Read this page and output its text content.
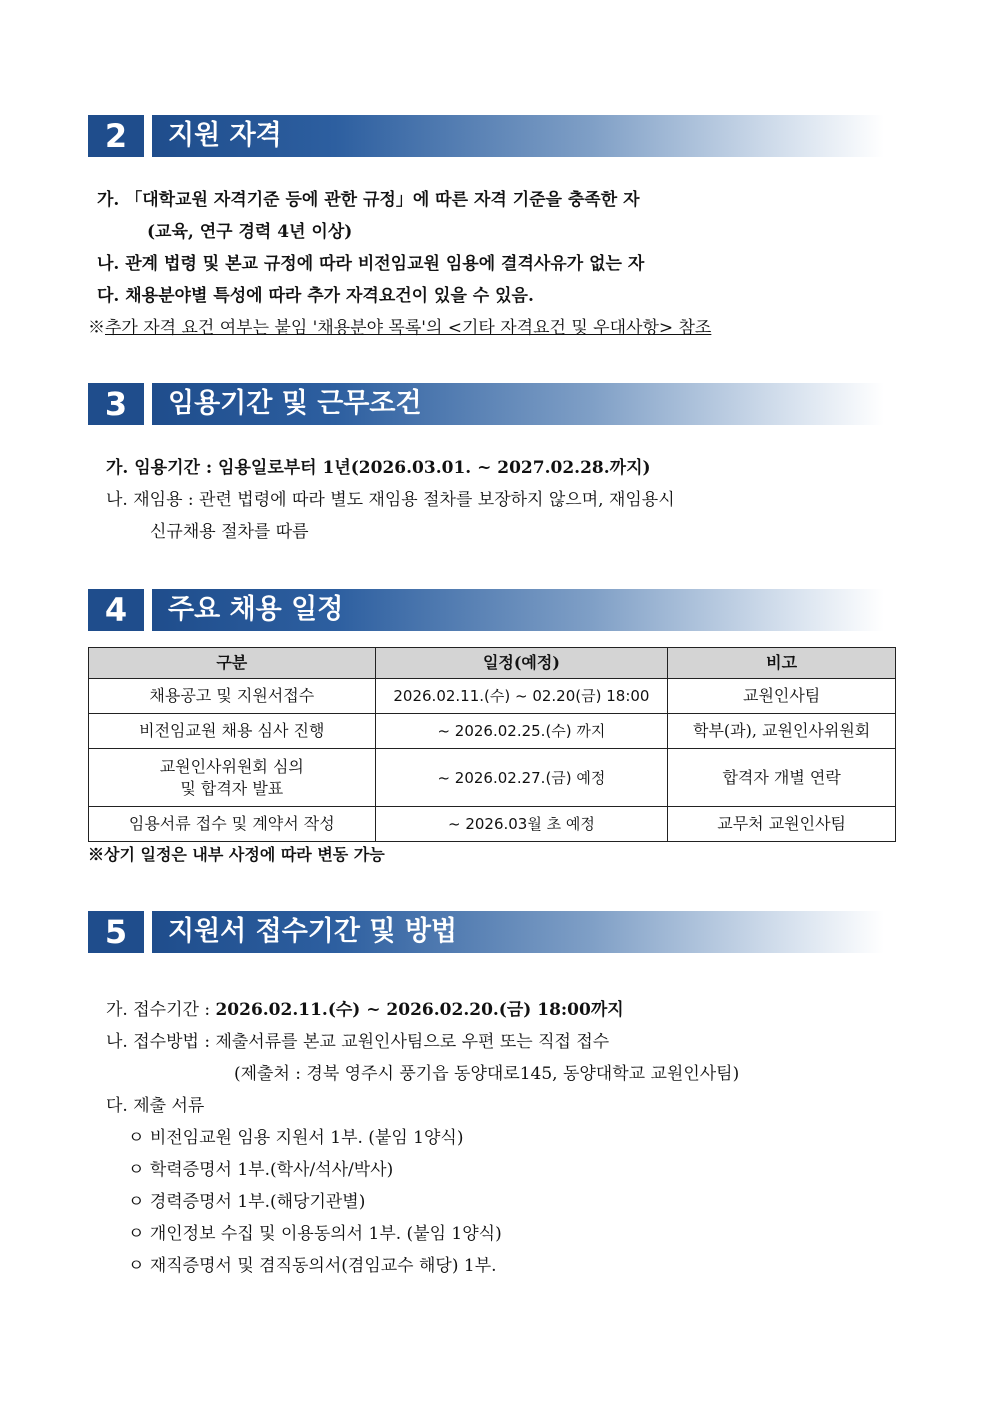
2	지원 자격
가. 「대학교원 자격기준 등에 관한 규정」에 따른 자격 기준을 충족한 자
(교육, 연구 경력 4년 이상)
나. 관계 법령 및 본교 규정에 따라 비전임교원 임용에 결격사유가 없는 자
다. 채용분야별 특성에 따라 추가 자격요건이 있을 수 있음.
※추가 자격 요건 여부는 붙임 '채용분야 목록'의 <기타 자격요건 및 우대사항> 참조
3	임용기간 및 근무조건
가. 임용기간 : 임용일로부터 1년(2026.03.01. ~ 2027.02.28.까지)
나. 재임용 : 관련 법령에 따라 별도 재임용 절차를 보장하지 않으며, 재임용시
신규채용 절차를 따름
4	주요 채용 일정
구분	일정(예정)	비고
채용공고 및 지원서접수	2026.02.11.(수) ~ 02.20(금) 18:00	교원인사팀
비전임교원 채용 심사 진행	~ 2026.02.25.(수) 까지	학부(과), 교원인사위원회

교원인사위원회 심의
및 합격자 발표	~ 2026.02.27.(금) 예정	합격자 개별 연락
임용서류 접수 및 계약서 작성	~ 2026.03월 초 예정	교무처 교원인사팀
※상기 일정은 내부 사정에 따라 변동 가능
5	지원서 접수기간 및 방법
가. 접수기간 : 2026.02.11.(수) ~ 2026.02.20.(금) 18:00까지
나. 접수방법 : 제출서류를 본교 교원인사팀으로 우편 또는 직접 접수
(제출처 : 경북 영주시 풍기읍 동양대로145, 동양대학교 교원인사팀)
다. 제출 서류
ㅇ 비전임교원 임용 지원서 1부. (붙임 1양식)
ㅇ 학력증명서 1부.(학사/석사/박사)
ㅇ 경력증명서 1부.(해당기관별)
ㅇ 개인정보 수집 및 이용동의서 1부. (붙임 1양식)
ㅇ 재직증명서 및 겸직동의서(겸임교수 해당) 1부.
